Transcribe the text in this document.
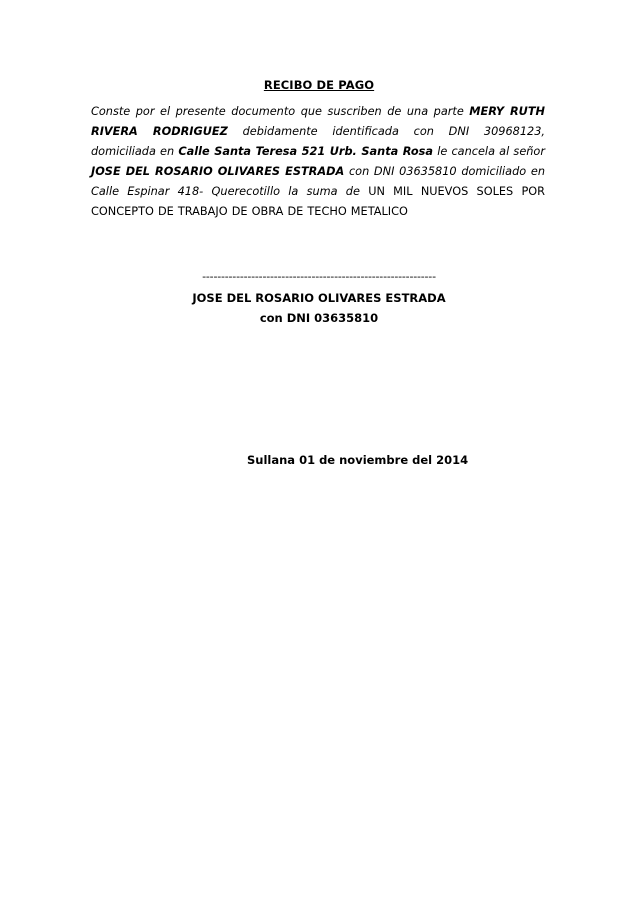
RECIBO DE PAGO
Conste por el presente documento que suscriben de una parte MERY RUTH RIVERA RODRIGUEZ debidamente identificada con DNI 30968123, domiciliada en Calle Santa Teresa 521 Urb. Santa Rosa le cancela al señor JOSE DEL ROSARIO OLIVARES ESTRADA con DNI 03635810 domiciliado en Calle Espinar 418- Querecotillo la suma de UN MIL NUEVOS SOLES POR CONCEPTO DE TRABAJO DE OBRA DE TECHO METALICO
--------------------------------------------------------------
JOSE DEL ROSARIO OLIVARES ESTRADA
con DNI 03635810
Sullana 01 de noviembre del 2014
